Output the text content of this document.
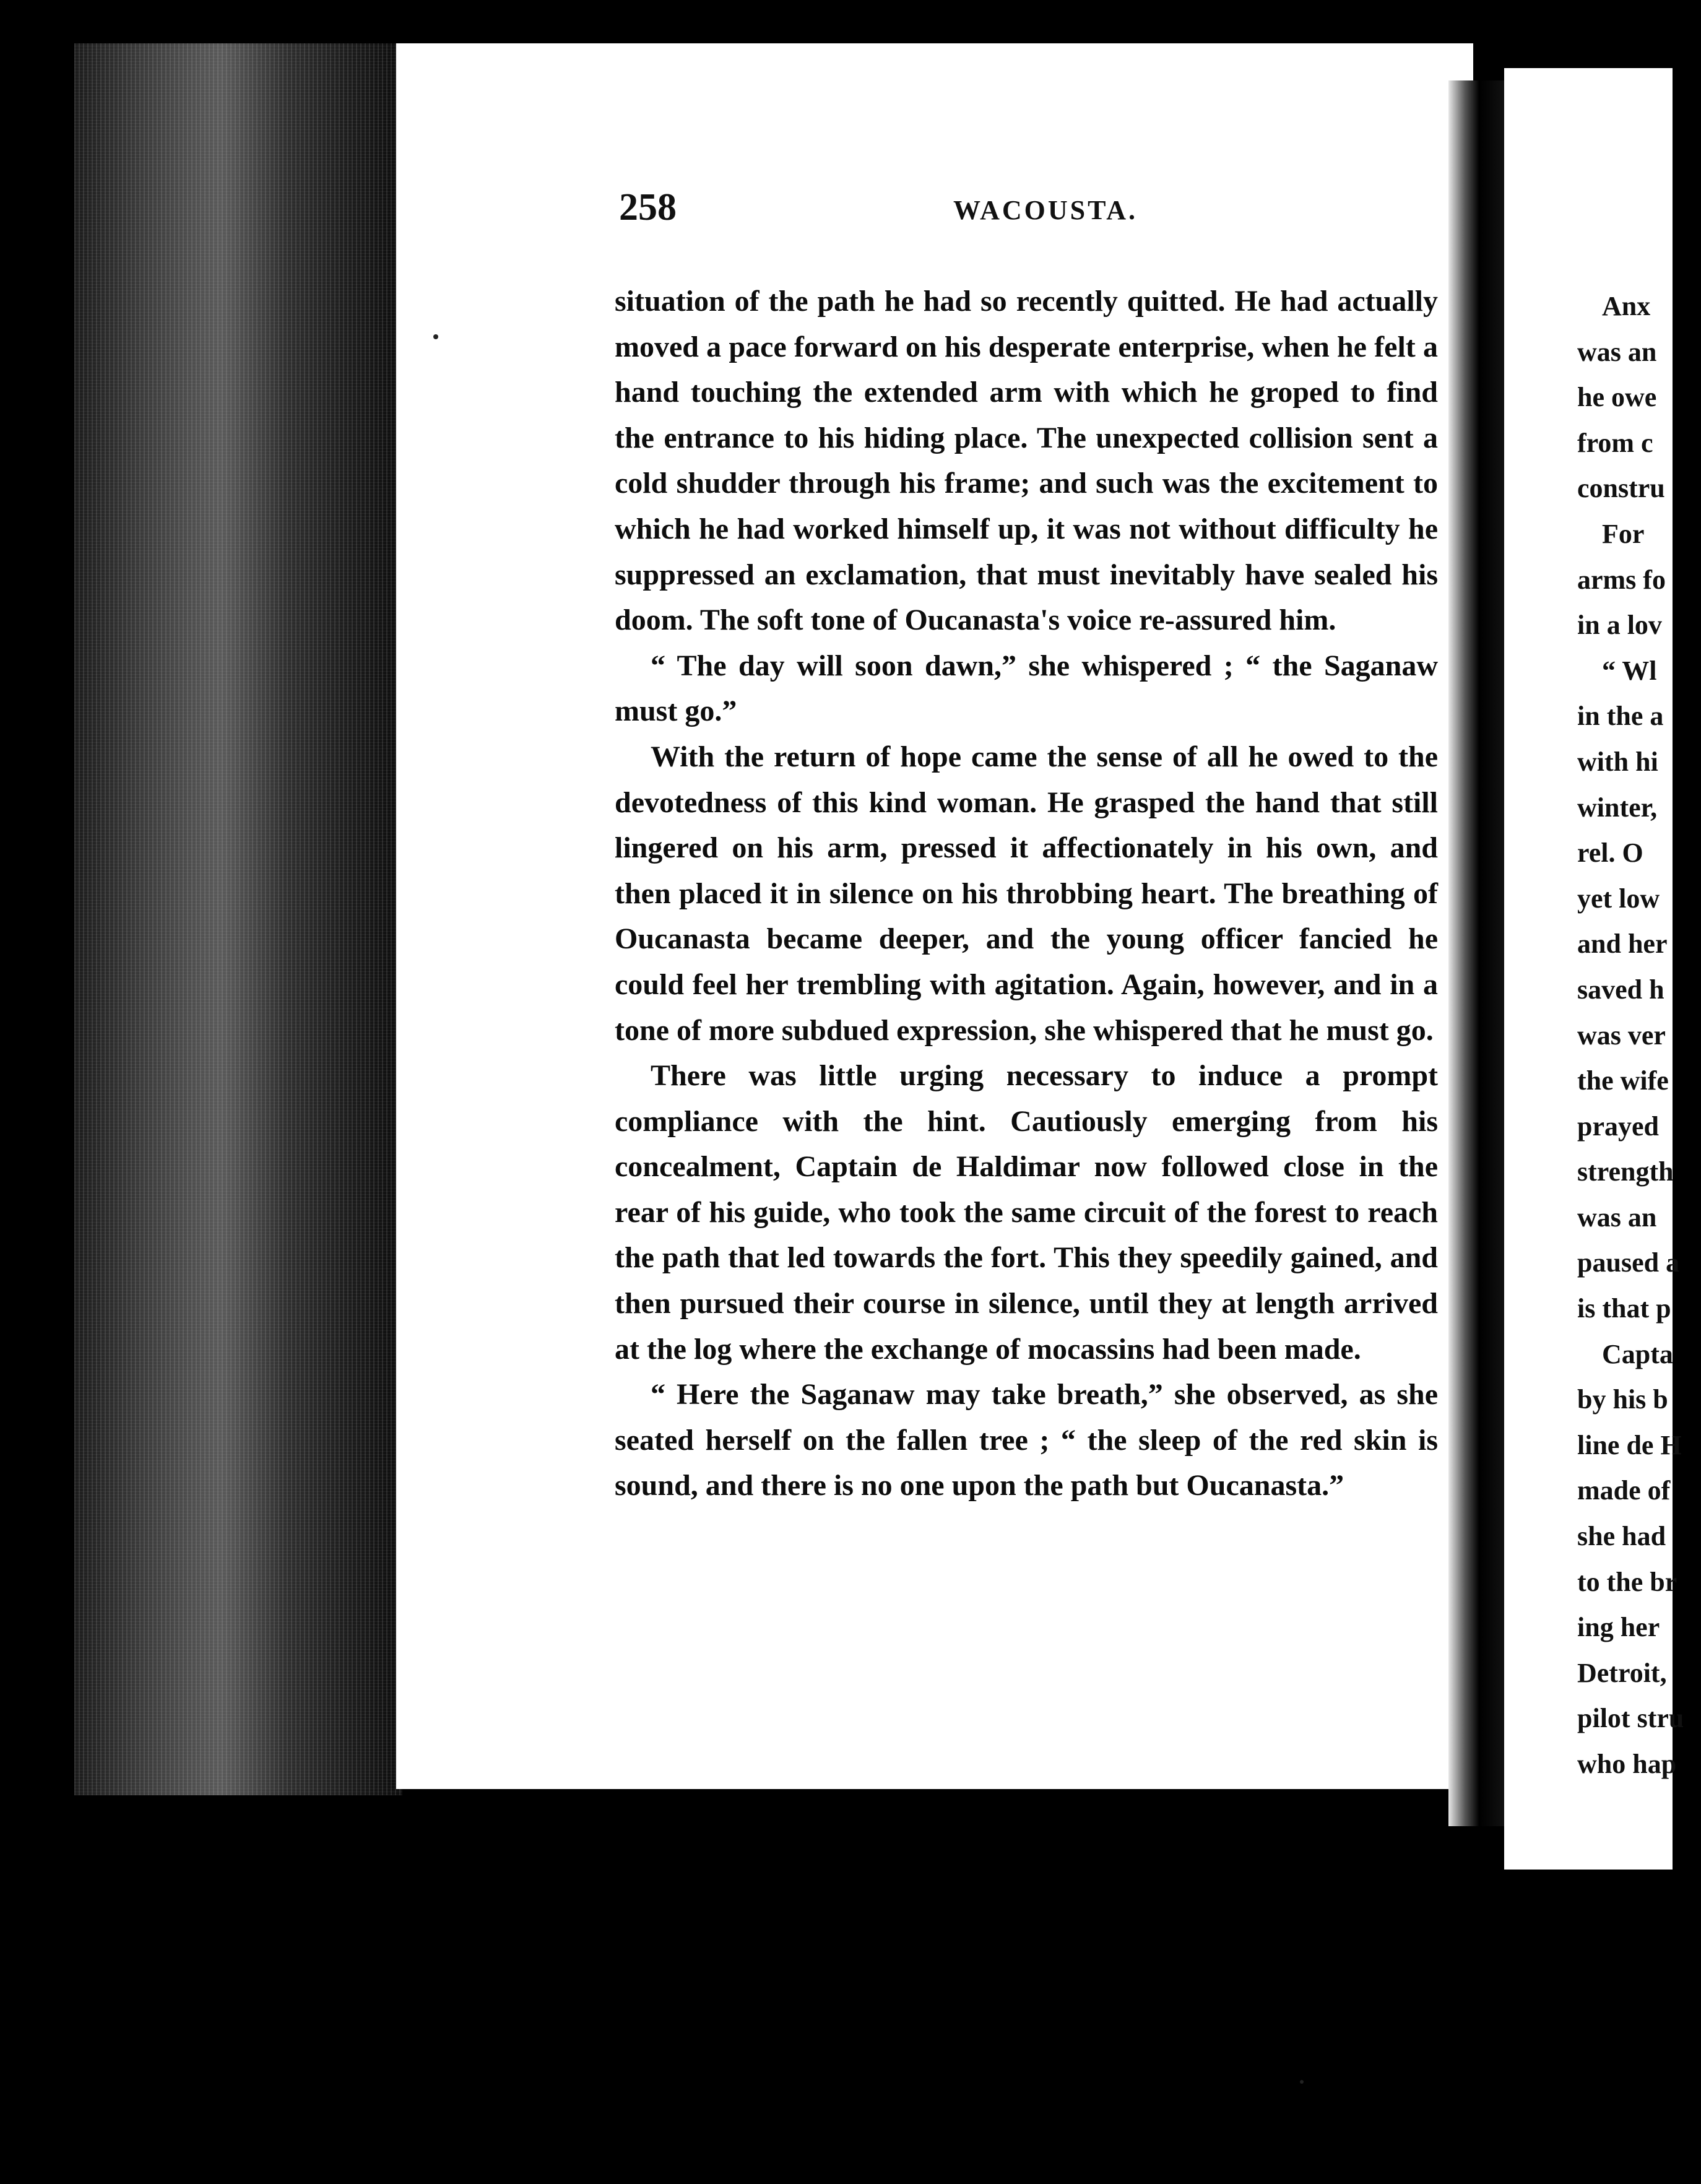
258	WACOUSTA.

situation of the path he had so recently quitted. He had actually moved a pace forward on his desperate enterprise, when he felt a hand touching the extended arm with which he groped to find the entrance to his hiding place. The unexpected collision sent a cold shudder through his frame; and such was the excitement to which he had worked himself up, it was not without difficulty he suppressed an exclamation, that must inevitably have sealed his doom. The soft tone of Oucanasta's voice re-assured him.

“ The day will soon dawn,” she whispered ; “ the Saganaw must go.”

With the return of hope came the sense of all he owed to the devotedness of this kind woman. He grasped the hand that still lingered on his arm, pressed it affectionately in his own, and then placed it in silence on his throbbing heart. The breathing of Oucanasta became deeper, and the young officer fancied he could feel her trembling with agitation. Again, however, and in a tone of more subdued expression, she whispered that he must go.

There was little urging necessary to induce a prompt compliance with the hint. Cautiously emerging from his concealment, Captain de Haldimar now followed close in the rear of his guide, who took the same circuit of the forest to reach the path that led towards the fort. This they speedily gained, and then pursued their course in silence, until they at length arrived at the log where the exchange of mocassins had been made.

“ Here the Saganaw may take breath,” she observed, as she seated herself on the fallen tree ; “ the sleep of the red skin is sound, and there is no one upon the path but Oucanasta.”

Anx
was an
he owe
from c
constru
For
arms fo
in a lov
“ Wl
in the a
with hi
winter,
rel. O
yet low
and her
saved h
was ver
the wife
prayed
strength
was an
paused a
is that p
Capta
by his b
line de H
made of
she had
to the br
ing her
Detroit,
pilot stru
who hap
